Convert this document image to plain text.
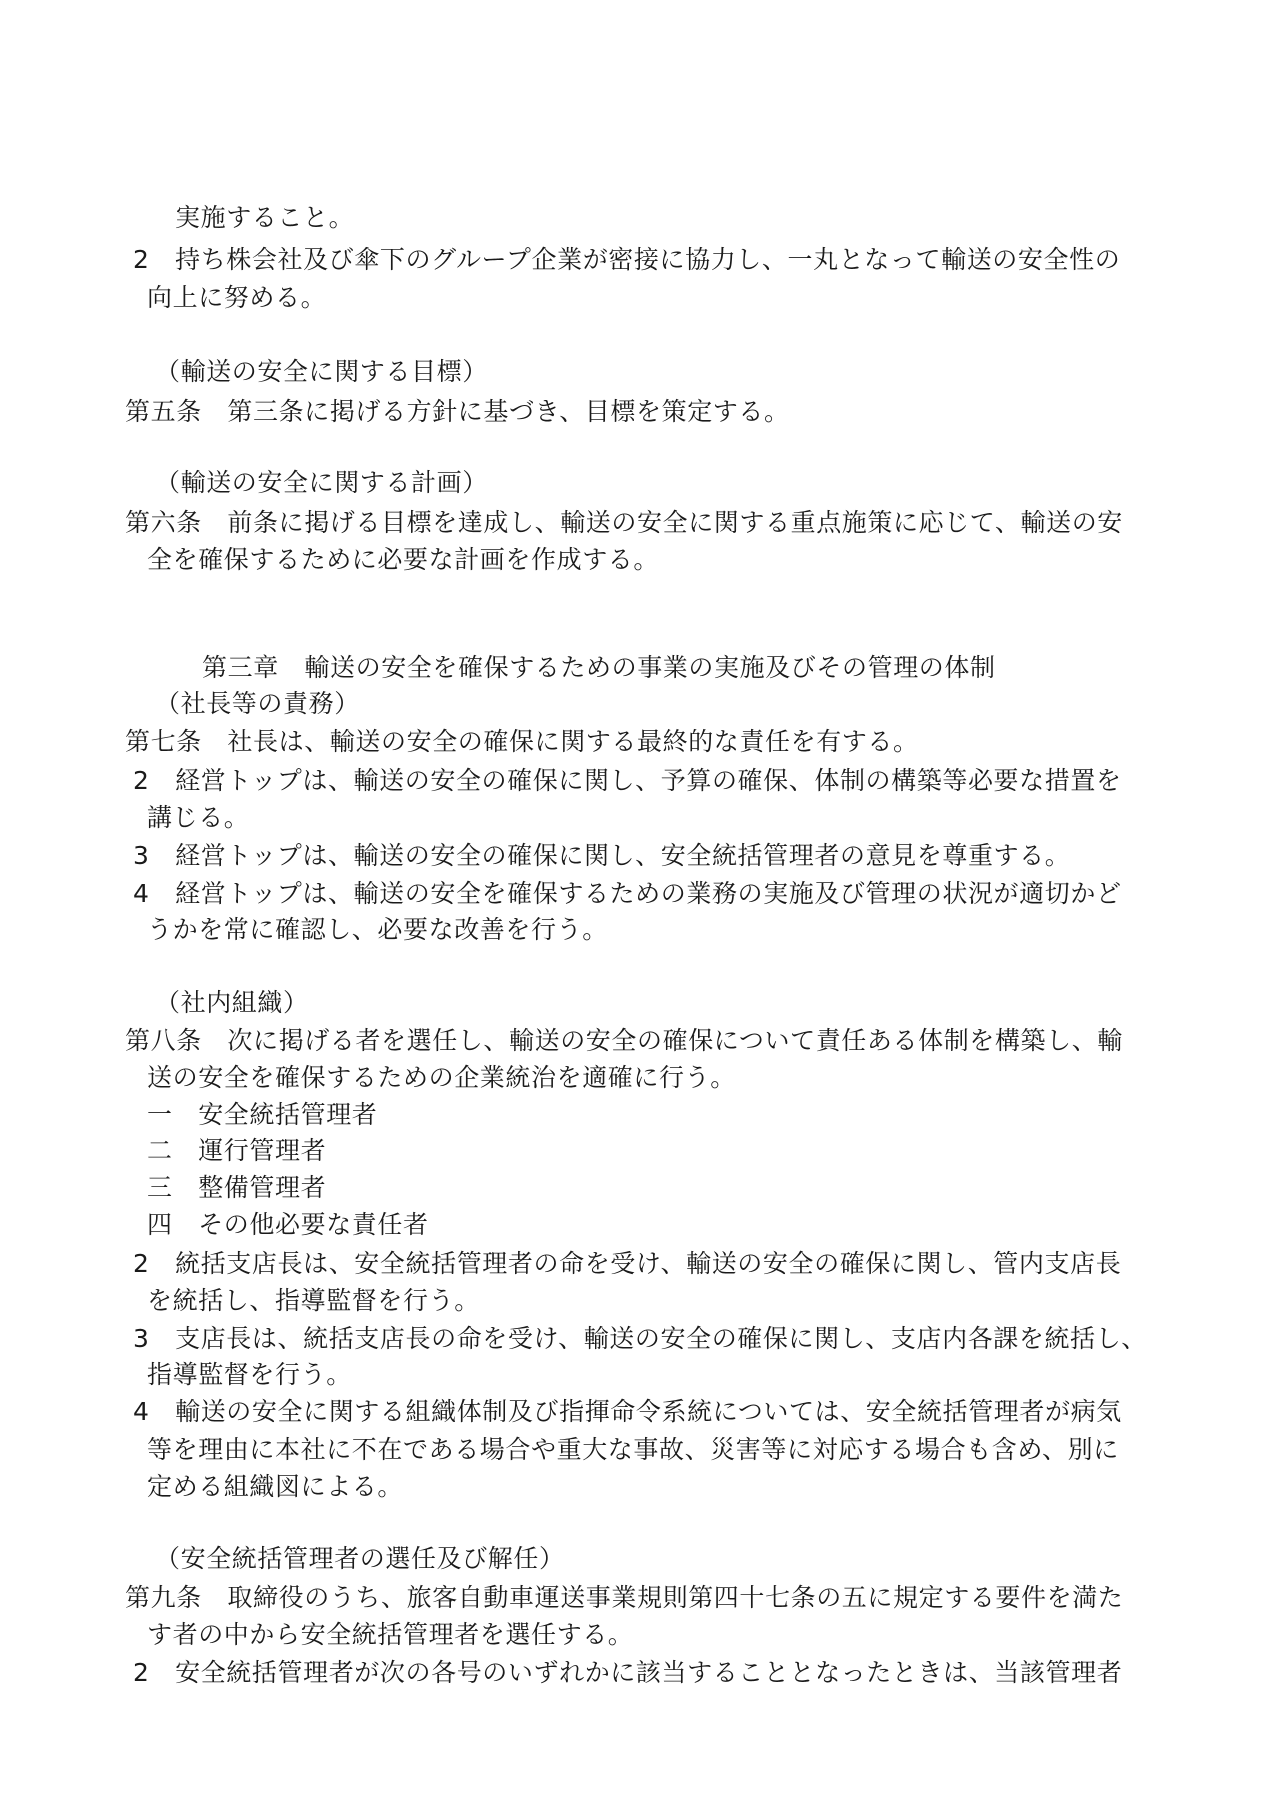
実施すること。
2　持ち株会社及び傘下のグループ企業が密接に協力し、一丸となって輸送の安全性の
向上に努める。
（輸送の安全に関する目標）
第五条　第三条に掲げる方針に基づき、目標を策定する。
（輸送の安全に関する計画）
第六条　前条に掲げる目標を達成し、輸送の安全に関する重点施策に応じて、輸送の安
全を確保するために必要な計画を作成する。
第三章　輸送の安全を確保するための事業の実施及びその管理の体制
（社長等の責務）
第七条　社長は、輸送の安全の確保に関する最終的な責任を有する。
2　経営トップは、輸送の安全の確保に関し、予算の確保、体制の構築等必要な措置を
講じる。
3　経営トップは、輸送の安全の確保に関し、安全統括管理者の意見を尊重する。
4　経営トップは、輸送の安全を確保するための業務の実施及び管理の状況が適切かど
うかを常に確認し、必要な改善を行う。
（社内組織）
第八条　次に掲げる者を選任し、輸送の安全の確保について責任ある体制を構築し、輸
送の安全を確保するための企業統治を適確に行う。
一　安全統括管理者
二　運行管理者
三　整備管理者
四　その他必要な責任者
2　統括支店長は、安全統括管理者の命を受け、輸送の安全の確保に関し、管内支店長
を統括し、指導監督を行う。
3　支店長は、統括支店長の命を受け、輸送の安全の確保に関し、支店内各課を統括し、
指導監督を行う。
4　輸送の安全に関する組織体制及び指揮命令系統については、安全統括管理者が病気
等を理由に本社に不在である場合や重大な事故、災害等に対応する場合も含め、別に
定める組織図による。
（安全統括管理者の選任及び解任）
第九条　取締役のうち、旅客自動車運送事業規則第四十七条の五に規定する要件を満た
す者の中から安全統括管理者を選任する。
2　安全統括管理者が次の各号のいずれかに該当することとなったときは、当該管理者
